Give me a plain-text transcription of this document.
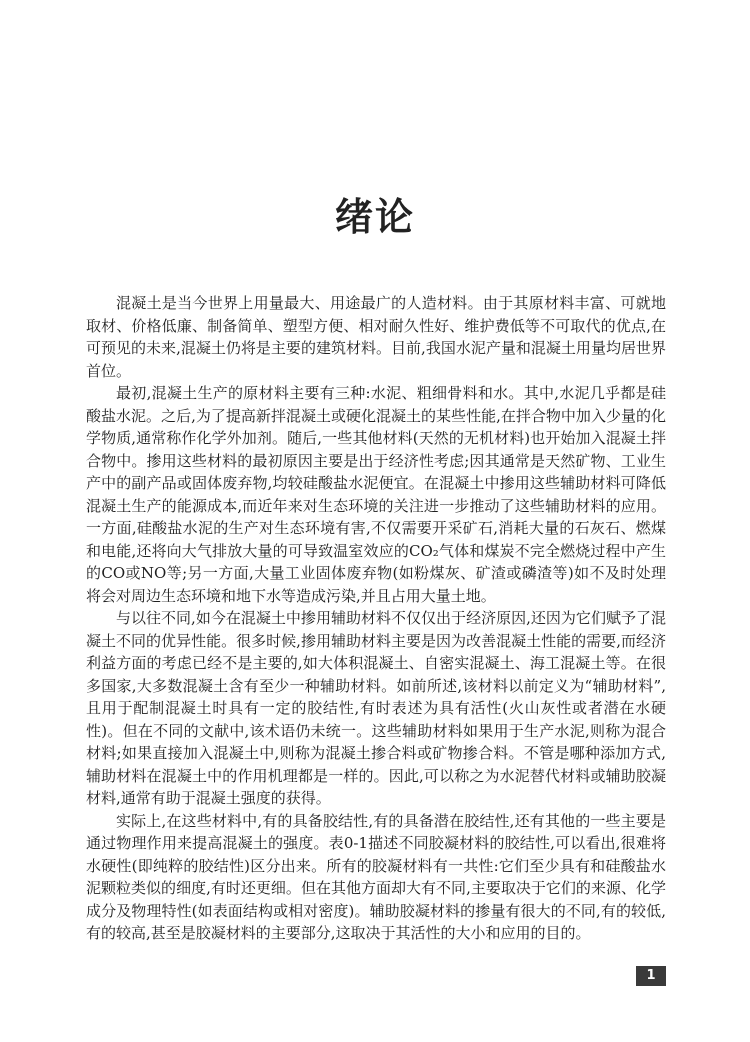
绪论

混凝土是当今世界上用量最大、用途最广的人造材料。由于其原材料丰富、可就地取材、价格低廉、制备简单、塑型方便、相对耐久性好、维护费低等不可取代的优点,在可预见的未来,混凝土仍将是主要的建筑材料。目前,我国水泥产量和混凝土用量均居世界首位。

最初,混凝土生产的原材料主要有三种:水泥、粗细骨料和水。其中,水泥几乎都是硅酸盐水泥。之后,为了提高新拌混凝土或硬化混凝土的某些性能,在拌合物中加入少量的化学物质,通常称作化学外加剂。随后,一些其他材料(天然的无机材料)也开始加入混凝土拌合物中。掺用这些材料的最初原因主要是出于经济性考虑;因其通常是天然矿物、工业生产中的副产品或固体废弃物,均较硅酸盐水泥便宜。在混凝土中掺用这些辅助材料可降低混凝土生产的能源成本,而近年来对生态环境的关注进一步推动了这些辅助材料的应用。一方面,硅酸盐水泥的生产对生态环境有害,不仅需要开采矿石,消耗大量的石灰石、燃煤和电能,还将向大气排放大量的可导致温室效应的CO₂气体和煤炭不完全燃烧过程中产生的CO或NO等;另一方面,大量工业固体废弃物(如粉煤灰、矿渣或磷渣等)如不及时处理将会对周边生态环境和地下水等造成污染,并且占用大量土地。

与以往不同,如今在混凝土中掺用辅助材料不仅仅出于经济原因,还因为它们赋予了混凝土不同的优异性能。很多时候,掺用辅助材料主要是因为改善混凝土性能的需要,而经济利益方面的考虑已经不是主要的,如大体积混凝土、自密实混凝土、海工混凝土等。在很多国家,大多数混凝土含有至少一种辅助材料。如前所述,该材料以前定义为“辅助材料”,且用于配制混凝土时具有一定的胶结性,有时表述为具有活性(火山灰性或者潜在水硬性)。但在不同的文献中,该术语仍未统一。这些辅助材料如果用于生产水泥,则称为混合材料;如果直接加入混凝土中,则称为混凝土掺合料或矿物掺合料。不管是哪种添加方式,辅助材料在混凝土中的作用机理都是一样的。因此,可以称之为水泥替代材料或辅助胶凝材料,通常有助于混凝土强度的获得。

实际上,在这些材料中,有的具备胶结性,有的具备潜在胶结性,还有其他的一些主要是通过物理作用来提高混凝土的强度。表0-1描述不同胶凝材料的胶结性,可以看出,很难将水硬性(即纯粹的胶结性)区分出来。所有的胶凝材料有一共性:它们至少具有和硅酸盐水泥颗粒类似的细度,有时还更细。但在其他方面却大有不同,主要取决于它们的来源、化学成分及物理特性(如表面结构或相对密度)。辅助胶凝材料的掺量有很大的不同,有的较低,有的较高,甚至是胶凝材料的主要部分,这取决于其活性的大小和应用的目的。

1
